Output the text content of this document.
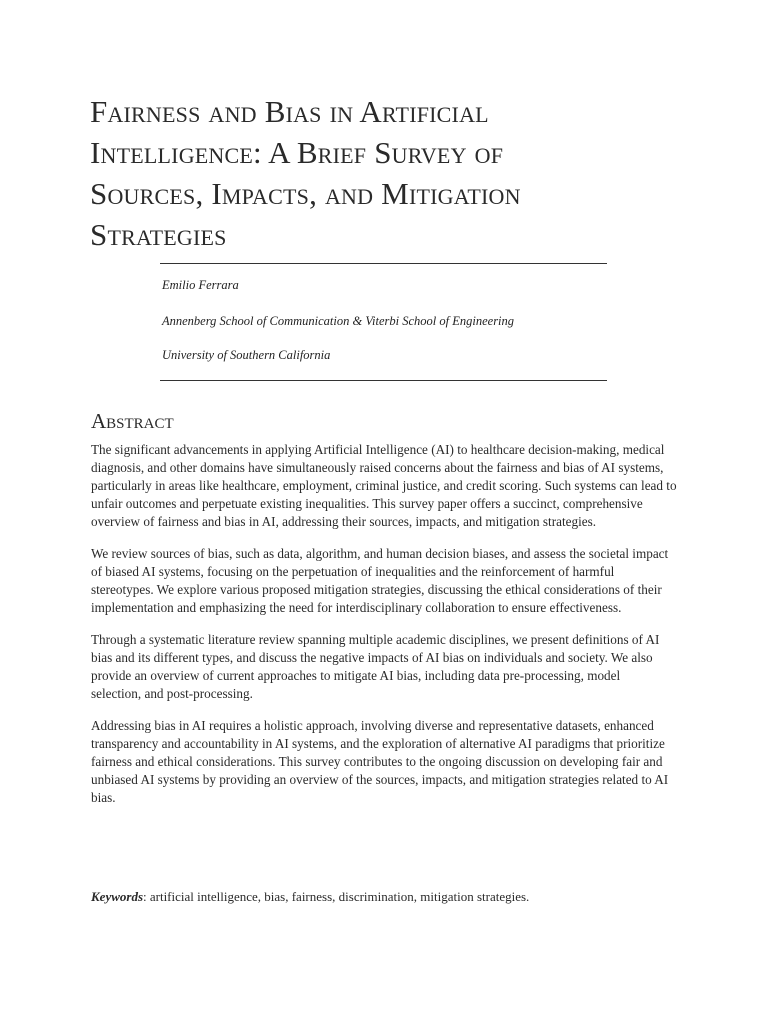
Fairness and Bias in Artificial
Intelligence: A Brief Survey of
Sources, Impacts, and Mitigation
Strategies
Emilio Ferrara
Annenberg School of Communication & Viterbi School of Engineering
University of Southern California
Abstract

The significant advancements in applying Artificial Intelligence (AI) to healthcare decision-making, medical
diagnosis, and other domains have simultaneously raised concerns about the fairness and bias of AI systems,
particularly in areas like healthcare, employment, criminal justice, and credit scoring. Such systems can lead to
unfair outcomes and perpetuate existing inequalities. This survey paper offers a succinct, comprehensive
overview of fairness and bias in AI, addressing their sources, impacts, and mitigation strategies.

We review sources of bias, such as data, algorithm, and human decision biases, and assess the societal impact
of biased AI systems, focusing on the perpetuation of inequalities and the reinforcement of harmful
stereotypes. We explore various proposed mitigation strategies, discussing the ethical considerations of their
implementation and emphasizing the need for interdisciplinary collaboration to ensure effectiveness.

Through a systematic literature review spanning multiple academic disciplines, we present definitions of AI
bias and its different types, and discuss the negative impacts of AI bias on individuals and society. We also
provide an overview of current approaches to mitigate AI bias, including data pre-processing, model
selection, and post-processing.

Addressing bias in AI requires a holistic approach, involving diverse and representative datasets, enhanced
transparency and accountability in AI systems, and the exploration of alternative AI paradigms that prioritize
fairness and ethical considerations. This survey contributes to the ongoing discussion on developing fair and
unbiased AI systems by providing an overview of the sources, impacts, and mitigation strategies related to AI
bias.

Keywords: artificial intelligence, bias, fairness, discrimination, mitigation strategies.
